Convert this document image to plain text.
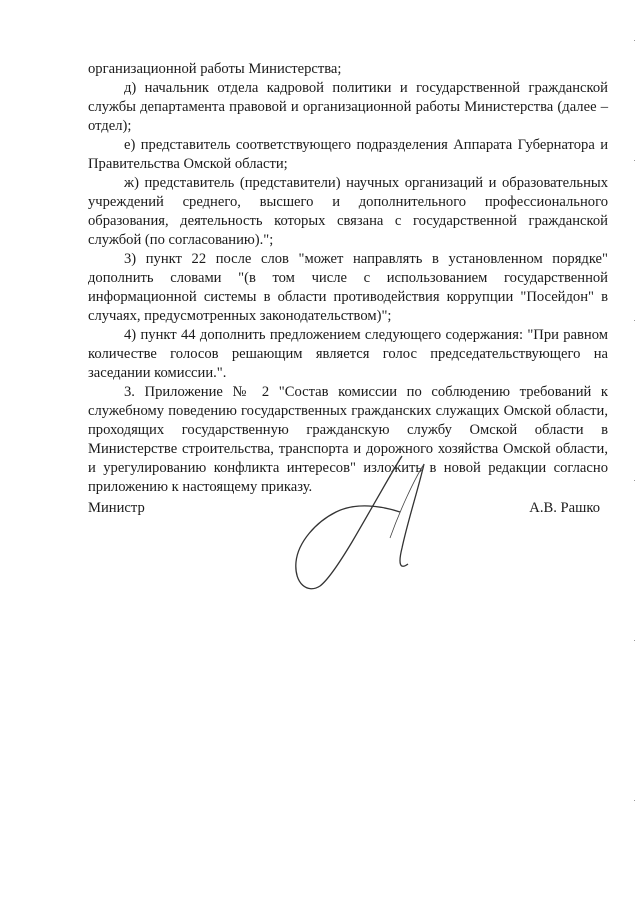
организационной работы Министерства;

д) начальник отдела кадровой политики и государственной гражданской службы департамента правовой и организационной работы Министерства (далее – отдел);

е) представитель соответствующего подразделения Аппарата Губернатора и Правительства Омской области;

ж) представитель (представители) научных организаций и образовательных учреждений среднего, высшего и дополнительного профессионального образования, деятельность которых связана с государственной гражданской службой (по согласованию).";

3) пункт 22 после слов "может направлять в установленном порядке" дополнить словами "(в том числе с использованием государственной информационной системы в области противодействия коррупции "Посейдон" в случаях, предусмотренных законодательством)";

4) пункт 44 дополнить предложением следующего содержания: "При равном количестве голосов решающим является голос председательствующего на заседании комиссии.".

3. Приложение № 2 "Состав комиссии по соблюдению требований к служебному поведению государственных гражданских служащих Омской области, проходящих государственную гражданскую службу Омской области в Министерстве строительства, транспорта и дорожного хозяйства Омской области, и урегулированию конфликта интересов" изложить в новой редакции согласно приложению к настоящему приказу.

Министр	А.В. Рашко
